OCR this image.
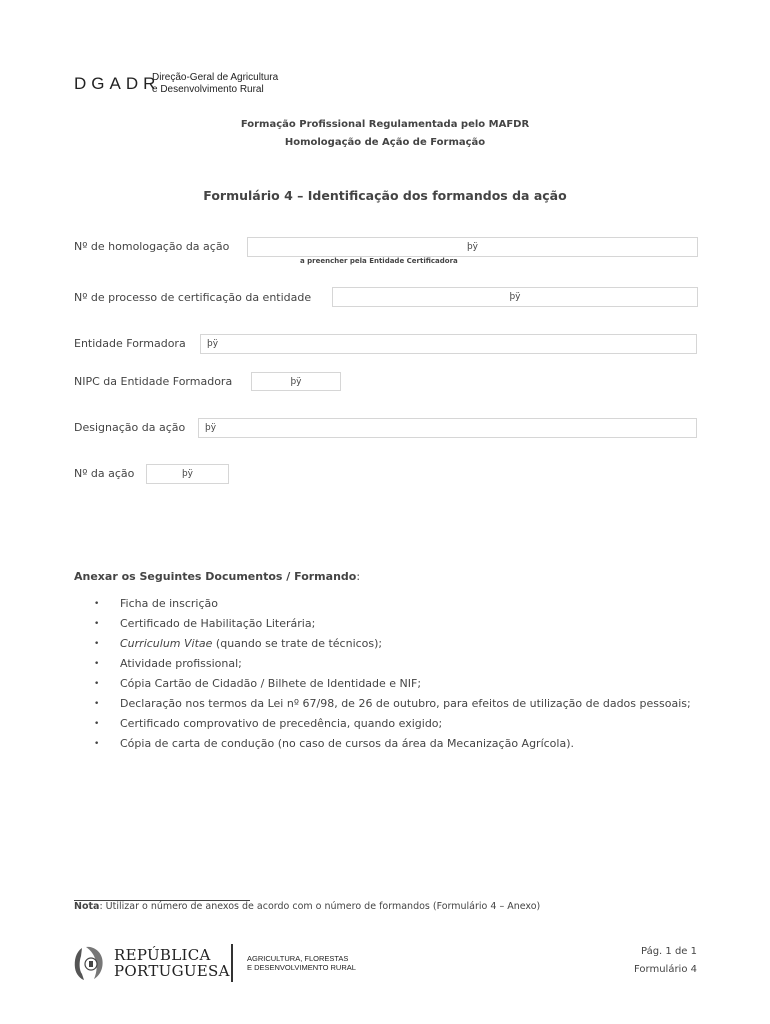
DGADR
Direção-Geral de Agricultura
e Desenvolvimento Rural
Formação Profissional Regulamentada pelo MAFDR
Homologação de Ação de Formação
Formulário 4 – Identificação dos formandos da ação
Nº de homologação da ação	þÿ
a preencher pela Entidade Certificadora
Nº de processo de certificação da entidade	þÿ
Entidade Formadora	þÿ
NIPC da Entidade Formadora	þÿ
Designação da ação	þÿ
Nº da ação	þÿ
Anexar os Seguintes Documentos / Formando:
• Ficha de inscrição
• Certificado de Habilitação Literária;
• Curriculum Vitae (quando se trate de técnicos);
• Atividade profissional;
• Cópia Cartão de Cidadão / Bilhete de Identidade e NIF;
• Declaração nos termos da Lei nº 67/98, de 26 de outubro, para efeitos de utilização de dados pessoais;
• Certificado comprovativo de precedência, quando exigido;
• Cópia de carta de condução (no caso de cursos da área da Mecanização Agrícola).
Nota: Utilizar o número de anexos de acordo com o número de formandos (Formulário 4 – Anexo)
REPÚBLICA
PORTUGUESA
AGRICULTURA, FLORESTAS
E DESENVOLVIMENTO RURAL
Pág. 1 de 1
Formulário 4
